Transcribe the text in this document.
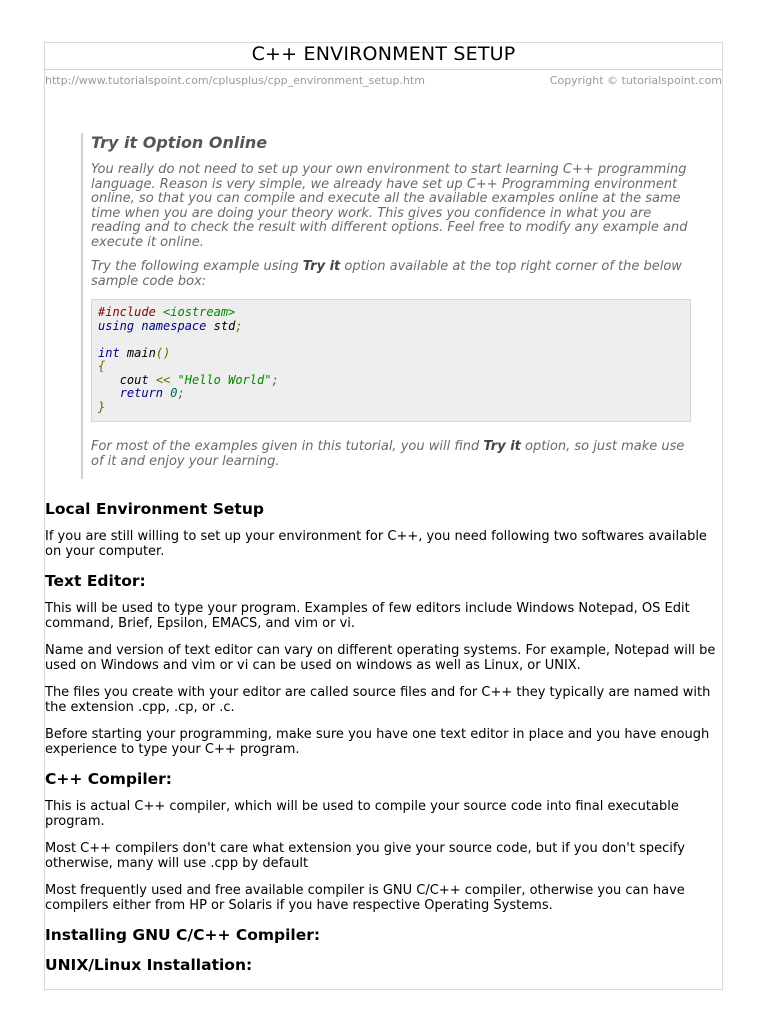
C++ ENVIRONMENT SETUP
http://www.tutorialspoint.com/cplusplus/cpp_environment_setup.htm	Copyright © tutorialspoint.com
Try it Option Online

You really do not need to set up your own environment to start learning C++ programming language. Reason is very simple, we already have set up C++ Programming environment online, so that you can compile and execute all the available examples online at the same time when you are doing your theory work. This gives you confidence in what you are reading and to check the result with different options. Feel free to modify any example and execute it online.

Try the following example using Try it option available at the top right corner of the below sample code box:

#include <iostream>
using namespace std;

int main()
{
cout << "Hello World";
return 0;
}

For most of the examples given in this tutorial, you will find Try it option, so just make use of it and enjoy your learning.

Local Environment Setup

If you are still willing to set up your environment for C++, you need following two softwares available on your computer.

Text Editor:

This will be used to type your program. Examples of few editors include Windows Notepad, OS Edit command, Brief, Epsilon, EMACS, and vim or vi.

Name and version of text editor can vary on different operating systems. For example, Notepad will be used on Windows and vim or vi can be used on windows as well as Linux, or UNIX.

The files you create with your editor are called source files and for C++ they typically are named with the extension .cpp, .cp, or .c.

Before starting your programming, make sure you have one text editor in place and you have enough experience to type your C++ program.

C++ Compiler:

This is actual C++ compiler, which will be used to compile your source code into final executable program.

Most C++ compilers don't care what extension you give your source code, but if you don't specify otherwise, many will use .cpp by default

Most frequently used and free available compiler is GNU C/C++ compiler, otherwise you can have compilers either from HP or Solaris if you have respective Operating Systems.

Installing GNU C/C++ Compiler:
UNIX/Linux Installation:
